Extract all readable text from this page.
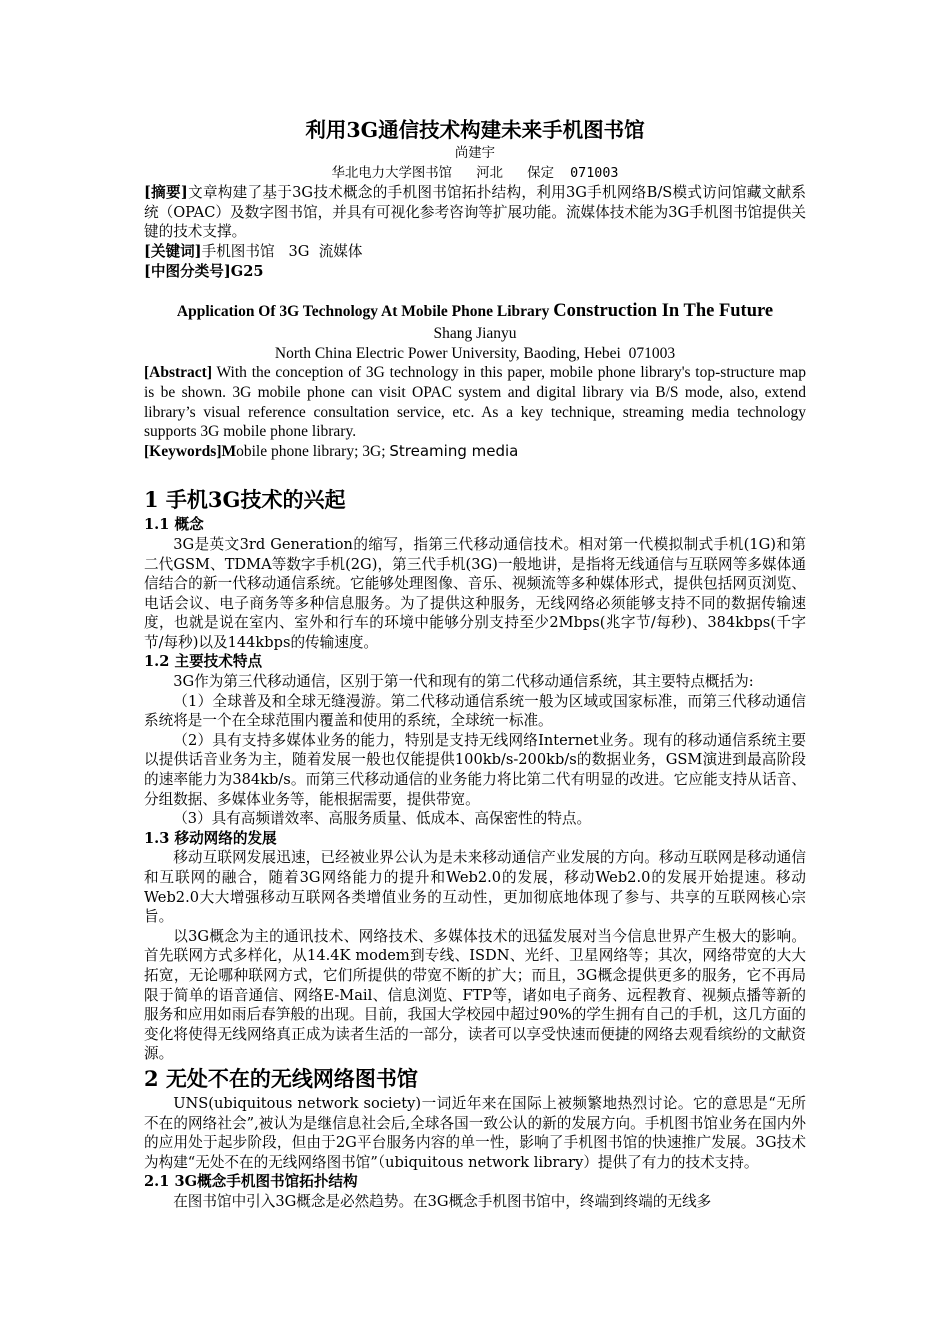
利用3G通信技术构建未来手机图书馆

尚建宇

华北电力大学图书馆   河北   保定  071003

[摘要]文章构建了基于3G技术概念的手机图书馆拓扑结构，利用3G手机网络B/S模式访问馆藏文献系统（OPAC）及数字图书馆，并具有可视化参考咨询等扩展功能。流媒体技术能为3G手机图书馆提供关键的技术支撑。

[关键词]手机图书馆   3G  流媒体

[中图分类号]G25

Application Of 3G Technology At Mobile Phone Library Construction In The Future

Shang Jianyu

North China Electric Power University, Baoding, Hebei  071003

[Abstract] With the conception of 3G technology in this paper, mobile phone library's top-structure map is be shown. 3G mobile phone can visit OPAC system and digital library via B/S mode, also, extend library’s visual reference consultation service, etc. As a key technique, streaming media technology supports 3G mobile phone library.

[Keywords]Mobile phone library; 3G; Streaming media

1 手机3G技术的兴起

1.1 概念

3G是英文3rd Generation的缩写，指第三代移动通信技术。相对第一代模拟制式手机(1G)和第二代GSM、TDMA等数字手机(2G)，第三代手机(3G)一般地讲，是指将无线通信与互联网等多媒体通信结合的新一代移动通信系统。它能够处理图像、音乐、视频流等多种媒体形式，提供包括网页浏览、电话会议、电子商务等多种信息服务。为了提供这种服务，无线网络必须能够支持不同的数据传输速度，也就是说在室内、室外和行车的环境中能够分别支持至少2Mbps(兆字节/每秒)、384kbps(千字节/每秒)以及144kbps的传输速度。

1.2 主要技术特点

3G作为第三代移动通信，区别于第一代和现有的第二代移动通信系统，其主要特点概括为:

（1）全球普及和全球无缝漫游。第二代移动通信系统一般为区域或国家标准，而第三代移动通信系统将是一个在全球范围内覆盖和使用的系统，全球统一标准。

（2）具有支持多媒体业务的能力，特别是支持无线网络Internet业务。现有的移动通信系统主要以提供话音业务为主，随着发展一般也仅能提供100kb/s-200kb/s的数据业务，GSM演进到最高阶段的速率能力为384kb/s。而第三代移动通信的业务能力将比第二代有明显的改进。它应能支持从话音、分组数据、多媒体业务等，能根据需要，提供带宽。

（3）具有高频谱效率、高服务质量、低成本、高保密性的特点。

1.3 移动网络的发展

移动互联网发展迅速，已经被业界公认为是未来移动通信产业发展的方向。移动互联网是移动通信和互联网的融合，随着3G网络能力的提升和Web2.0的发展，移动Web2.0的发展开始提速。移动Web2.0大大增强移动互联网各类增值业务的互动性，更加彻底地体现了参与、共享的互联网核心宗旨。

以3G概念为主的通讯技术、网络技术、多媒体技术的迅猛发展对当今信息世界产生极大的影响。首先联网方式多样化，从14.4K modem到专线、ISDN、光纤、卫星网络等；其次，网络带宽的大大拓宽，无论哪种联网方式，它们所提供的带宽不断的扩大；而且，3G概念提供更多的服务，它不再局限于简单的语音通信、网络E-Mail、信息浏览、FTP等，诸如电子商务、远程教育、视频点播等新的服务和应用如雨后春笋般的出现。目前，我国大学校园中超过90%的学生拥有自己的手机，这几方面的变化将使得无线网络真正成为读者生活的一部分，读者可以享受快速而便捷的网络去观看缤纷的文献资源。

2 无处不在的无线网络图书馆

UNS(ubiquitous network society)一词近年来在国际上被频繁地热烈讨论。它的意思是“无所不在的网络社会”,被认为是继信息社会后,全球各国一致公认的新的发展方向。手机图书馆业务在国内外的应用处于起步阶段，但由于2G平台服务内容的单一性，影响了手机图书馆的快速推广发展。3G技术为构建“无处不在的无线网络图书馆”（ubiquitous network library）提供了有力的技术支持。

2.1 3G概念手机图书馆拓扑结构

在图书馆中引入3G概念是必然趋势。在3G概念手机图书馆中，终端到终端的无线多
